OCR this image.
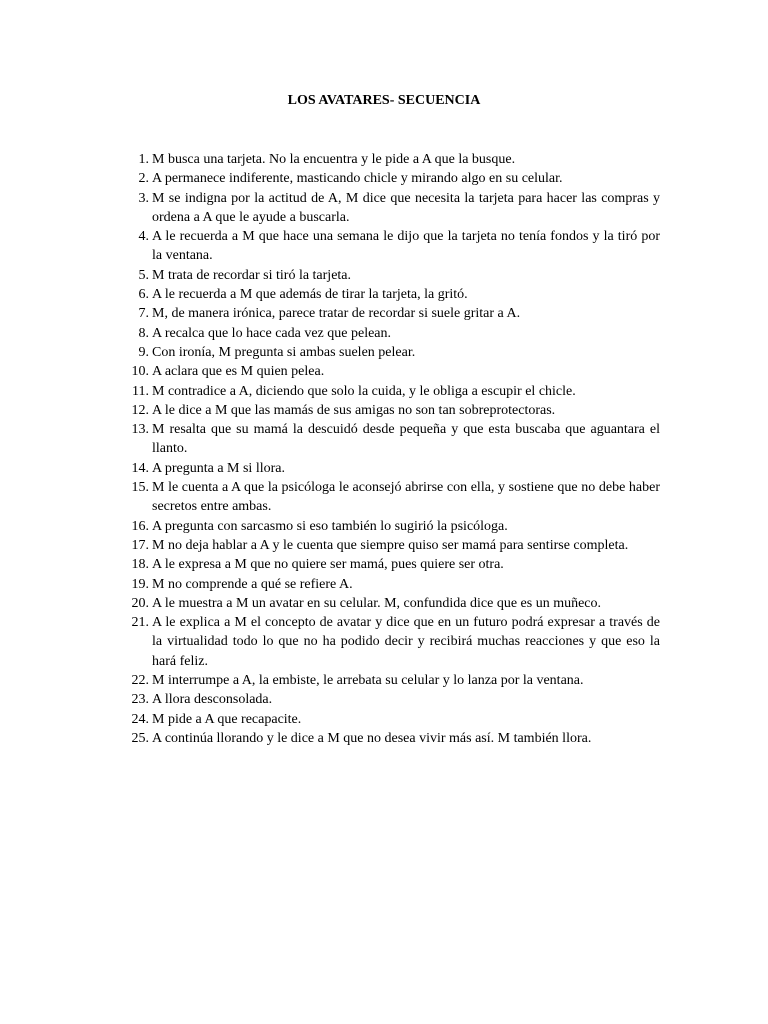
LOS AVATARES- SECUENCIA
1 . M busca una tarjeta. No la encuentra y le pide a A que la busque.
2 . A permanece indiferente, masticando chicle y mirando algo en su celular.
3 . M se indigna por la actitud de A, M dice que necesita la tarjeta para hacer las compras y ordena a A que le ayude a buscarla.
4 . A le recuerda a M que hace una semana le dijo que la tarjeta no tenía fondos y la tiró por la ventana.
5 . M trata de recordar si tiró la tarjeta.
6 . A le recuerda a M que además de tirar la tarjeta, la gritó.
7 . M, de manera irónica, parece tratar de recordar si suele gritar a A.
8 . A recalca que lo hace cada vez que pelean.
9 . Con ironía, M pregunta si ambas suelen pelear.
10 . A aclara que es M quien pelea.
11 . M contradice a A, diciendo que solo la cuida, y le obliga a escupir el chicle.
12 . A le dice a M que las mamás de sus amigas no son tan sobreprotectoras.
13 . M resalta que su mamá la descuidó desde pequeña y que esta buscaba que aguantara el llanto.
14 . A pregunta a M si llora.
15 . M le cuenta a A que la psicóloga le aconsejó abrirse con ella, y sostiene que no debe haber secretos entre ambas.
16 . A pregunta con sarcasmo si eso también lo sugirió la psicóloga.
17 . M no deja hablar a A y le cuenta que siempre quiso ser mamá para sentirse completa.
18 . A le expresa a M que no quiere ser mamá, pues quiere ser otra.
19 . M no comprende a qué se refiere A.
20 . A le muestra a M un avatar en su celular. M, confundida dice que es un muñeco.
21 . A le explica a M el concepto de avatar y dice que en un futuro podrá expresar a través de la virtualidad todo lo que no ha podido decir y recibirá muchas reacciones y que eso la hará feliz.
22 . M interrumpe a A, la embiste, le arrebata su celular y lo lanza por la ventana.
23 . A llora desconsolada.
24 . M pide a A que recapacite.
25 . A continúa llorando y le dice a M que no desea vivir más así. M también llora.
